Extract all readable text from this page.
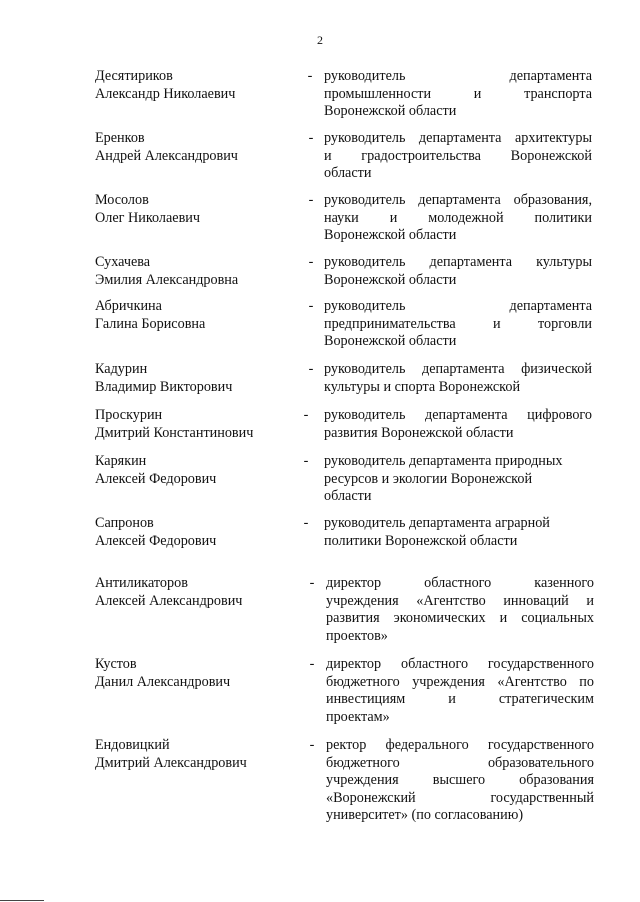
2
Десятириков
Александр Николаевич
- руководитель департамента
промышленности и транспорта
Воронежской области
Еренков
Андрей Александрович
- руководитель департамента архитектуры
и градостроительства Воронежской
области
Мосолов
Олег Николаевич
- руководитель департамента образования,
науки и молодежной политики
Воронежской области
Сухачева
Эмилия Александровна
- руководитель департамента культуры
Воронежской области
Абричкина
Галина Борисовна
- руководитель департамента
предпринимательства и торговли
Воронежской области
Кадурин
Владимир Викторович
- руководитель департамента физической
культуры и спорта Воронежской
Проскурин
Дмитрий Константинович
- руководитель департамента цифрового
развития Воронежской области
Карякин
Алексей Федорович
- руководитель департамента природных
ресурсов и экологии Воронежской
области
Сапронов
Алексей Федорович
- руководитель департамента аграрной
политики Воронежской области
Антиликаторов
Алексей Александрович
- директор областного казенного
учреждения «Агентство инноваций и
развития экономических и социальных
проектов»
Кустов
Данил Александрович
- директор областного государственного
бюджетного учреждения «Агентство по
инвестициям и стратегическим
проектам»
Ендовицкий
Дмитрий Александрович
- ректор федерального государственного
бюджетного образовательного
учреждения высшего образования
«Воронежский государственный
университет» (по согласованию)
